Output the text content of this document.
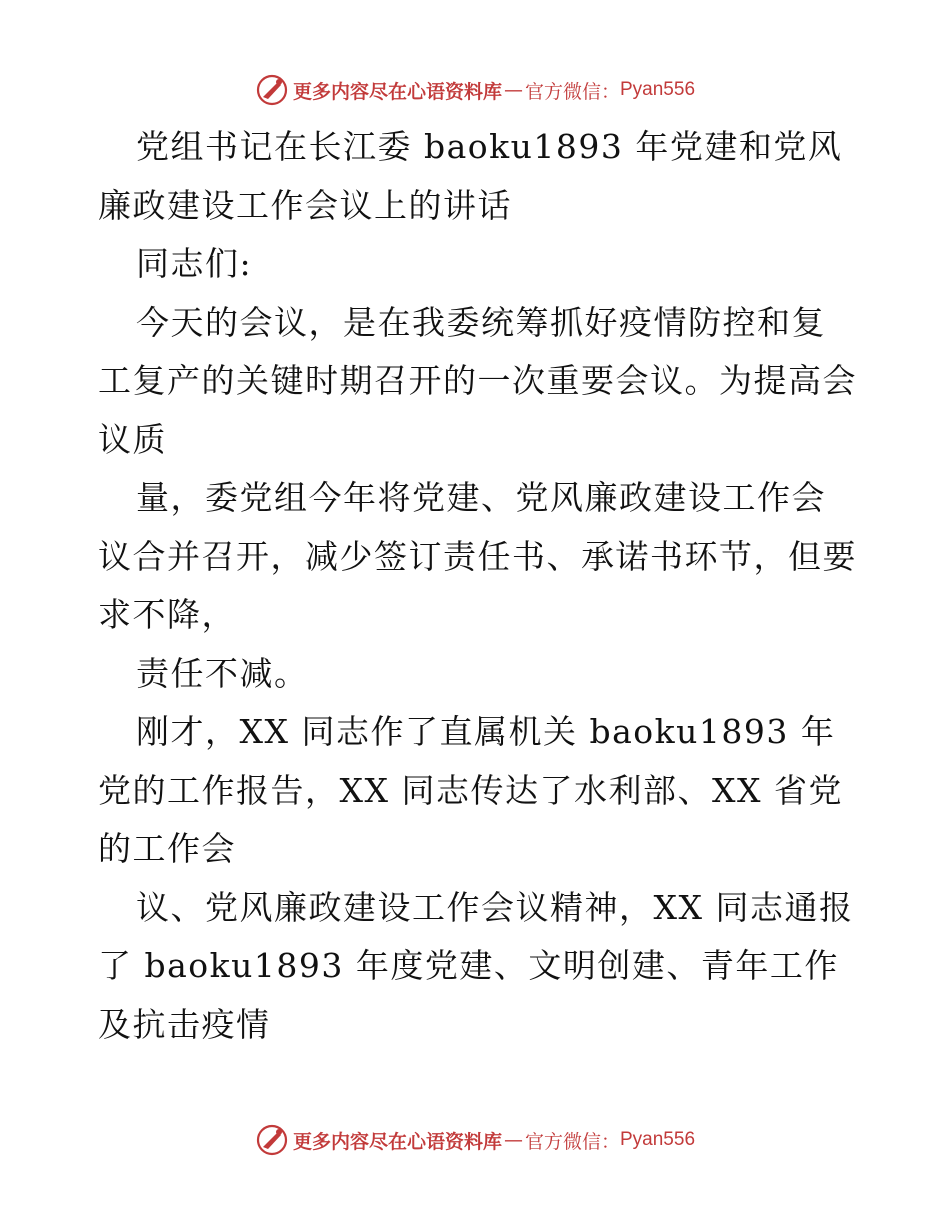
更多内容尽在心语资料库 — 官方微信： Pyan556

党组书记在长江委 baoku1893 年党建和党风廉政建设工作会议上的讲话

同志们:

今天的会议，是在我委统筹抓好疫情防控和复工复产的关键时期召开的一次重要会议。为提高会议质

量，委党组今年将党建、党风廉政建设工作会议合并召开，减少签订责任书、承诺书环节，但要求不降，

责任不减。

刚才，XX 同志作了直属机关 baoku1893 年党的工作报告，XX 同志传达了水利部、XX 省党的工作会

议、党风廉政建设工作会议精神，XX 同志通报了 baoku1893 年度党建、文明创建、青年工作及抗击疫情

更多内容尽在心语资料库 — 官方微信： Pyan556
